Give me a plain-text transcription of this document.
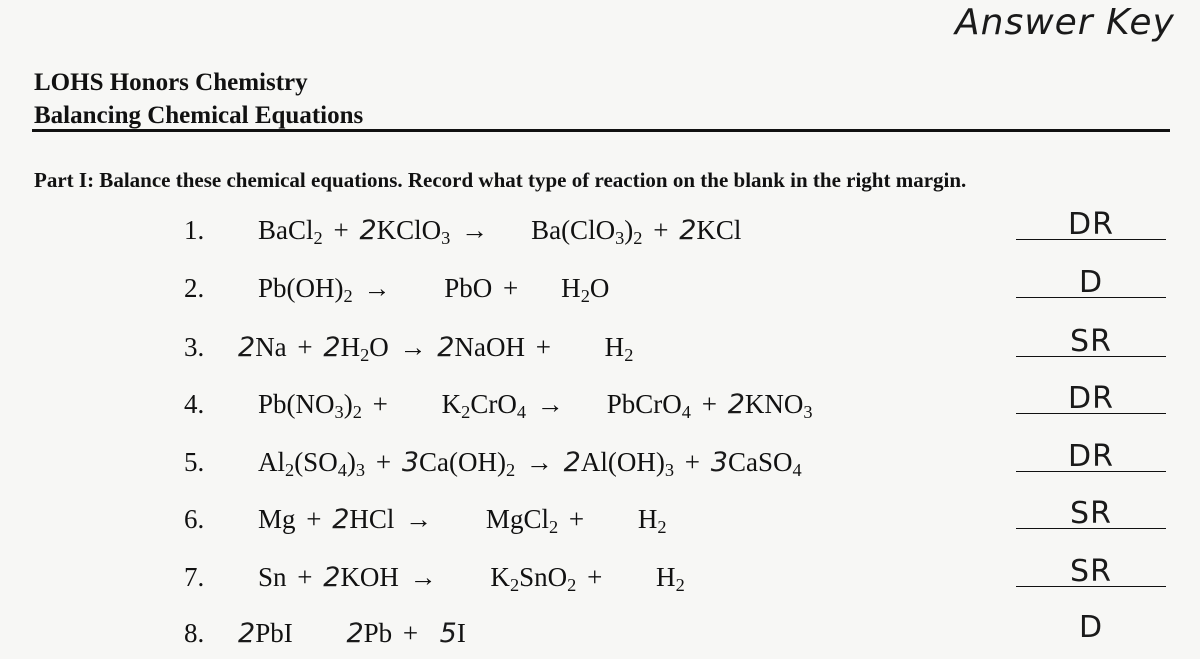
Answer Key
LOHS Honors Chemistry
Balancing Chemical Equations
Part I: Balance these chemical equations. Record what type of reaction on the blank in the right margin.
1. BaCl$_2$ + 2KClO$_3$ →    $Ba(ClO_3)_2 + 2KCl$	DR
2. $Pb(OH)_2$ →     PbO +    $H_2O$	D
3. $2Na + 2H_2O$ → 2NaOH +     $H_2$	SR
4. $Pb(NO_3)_2$ +     $K_2CrO_4$ →    PbCrO$_4$ + $2KNO_3$	DR
5. $Al_2(SO_4)_3 + 3Ca(OH)_2 \to 2Al(OH)_3$ + 3CaSO$_4$	DR
6. Mg + 2HCl →     MgCl$_2$ +     $H_2$	SR
7. Sn + 2KOH →     $K_2SnO_2$ +     $H_2$	SR
8. 2PbI 2Pb + 5I	D
